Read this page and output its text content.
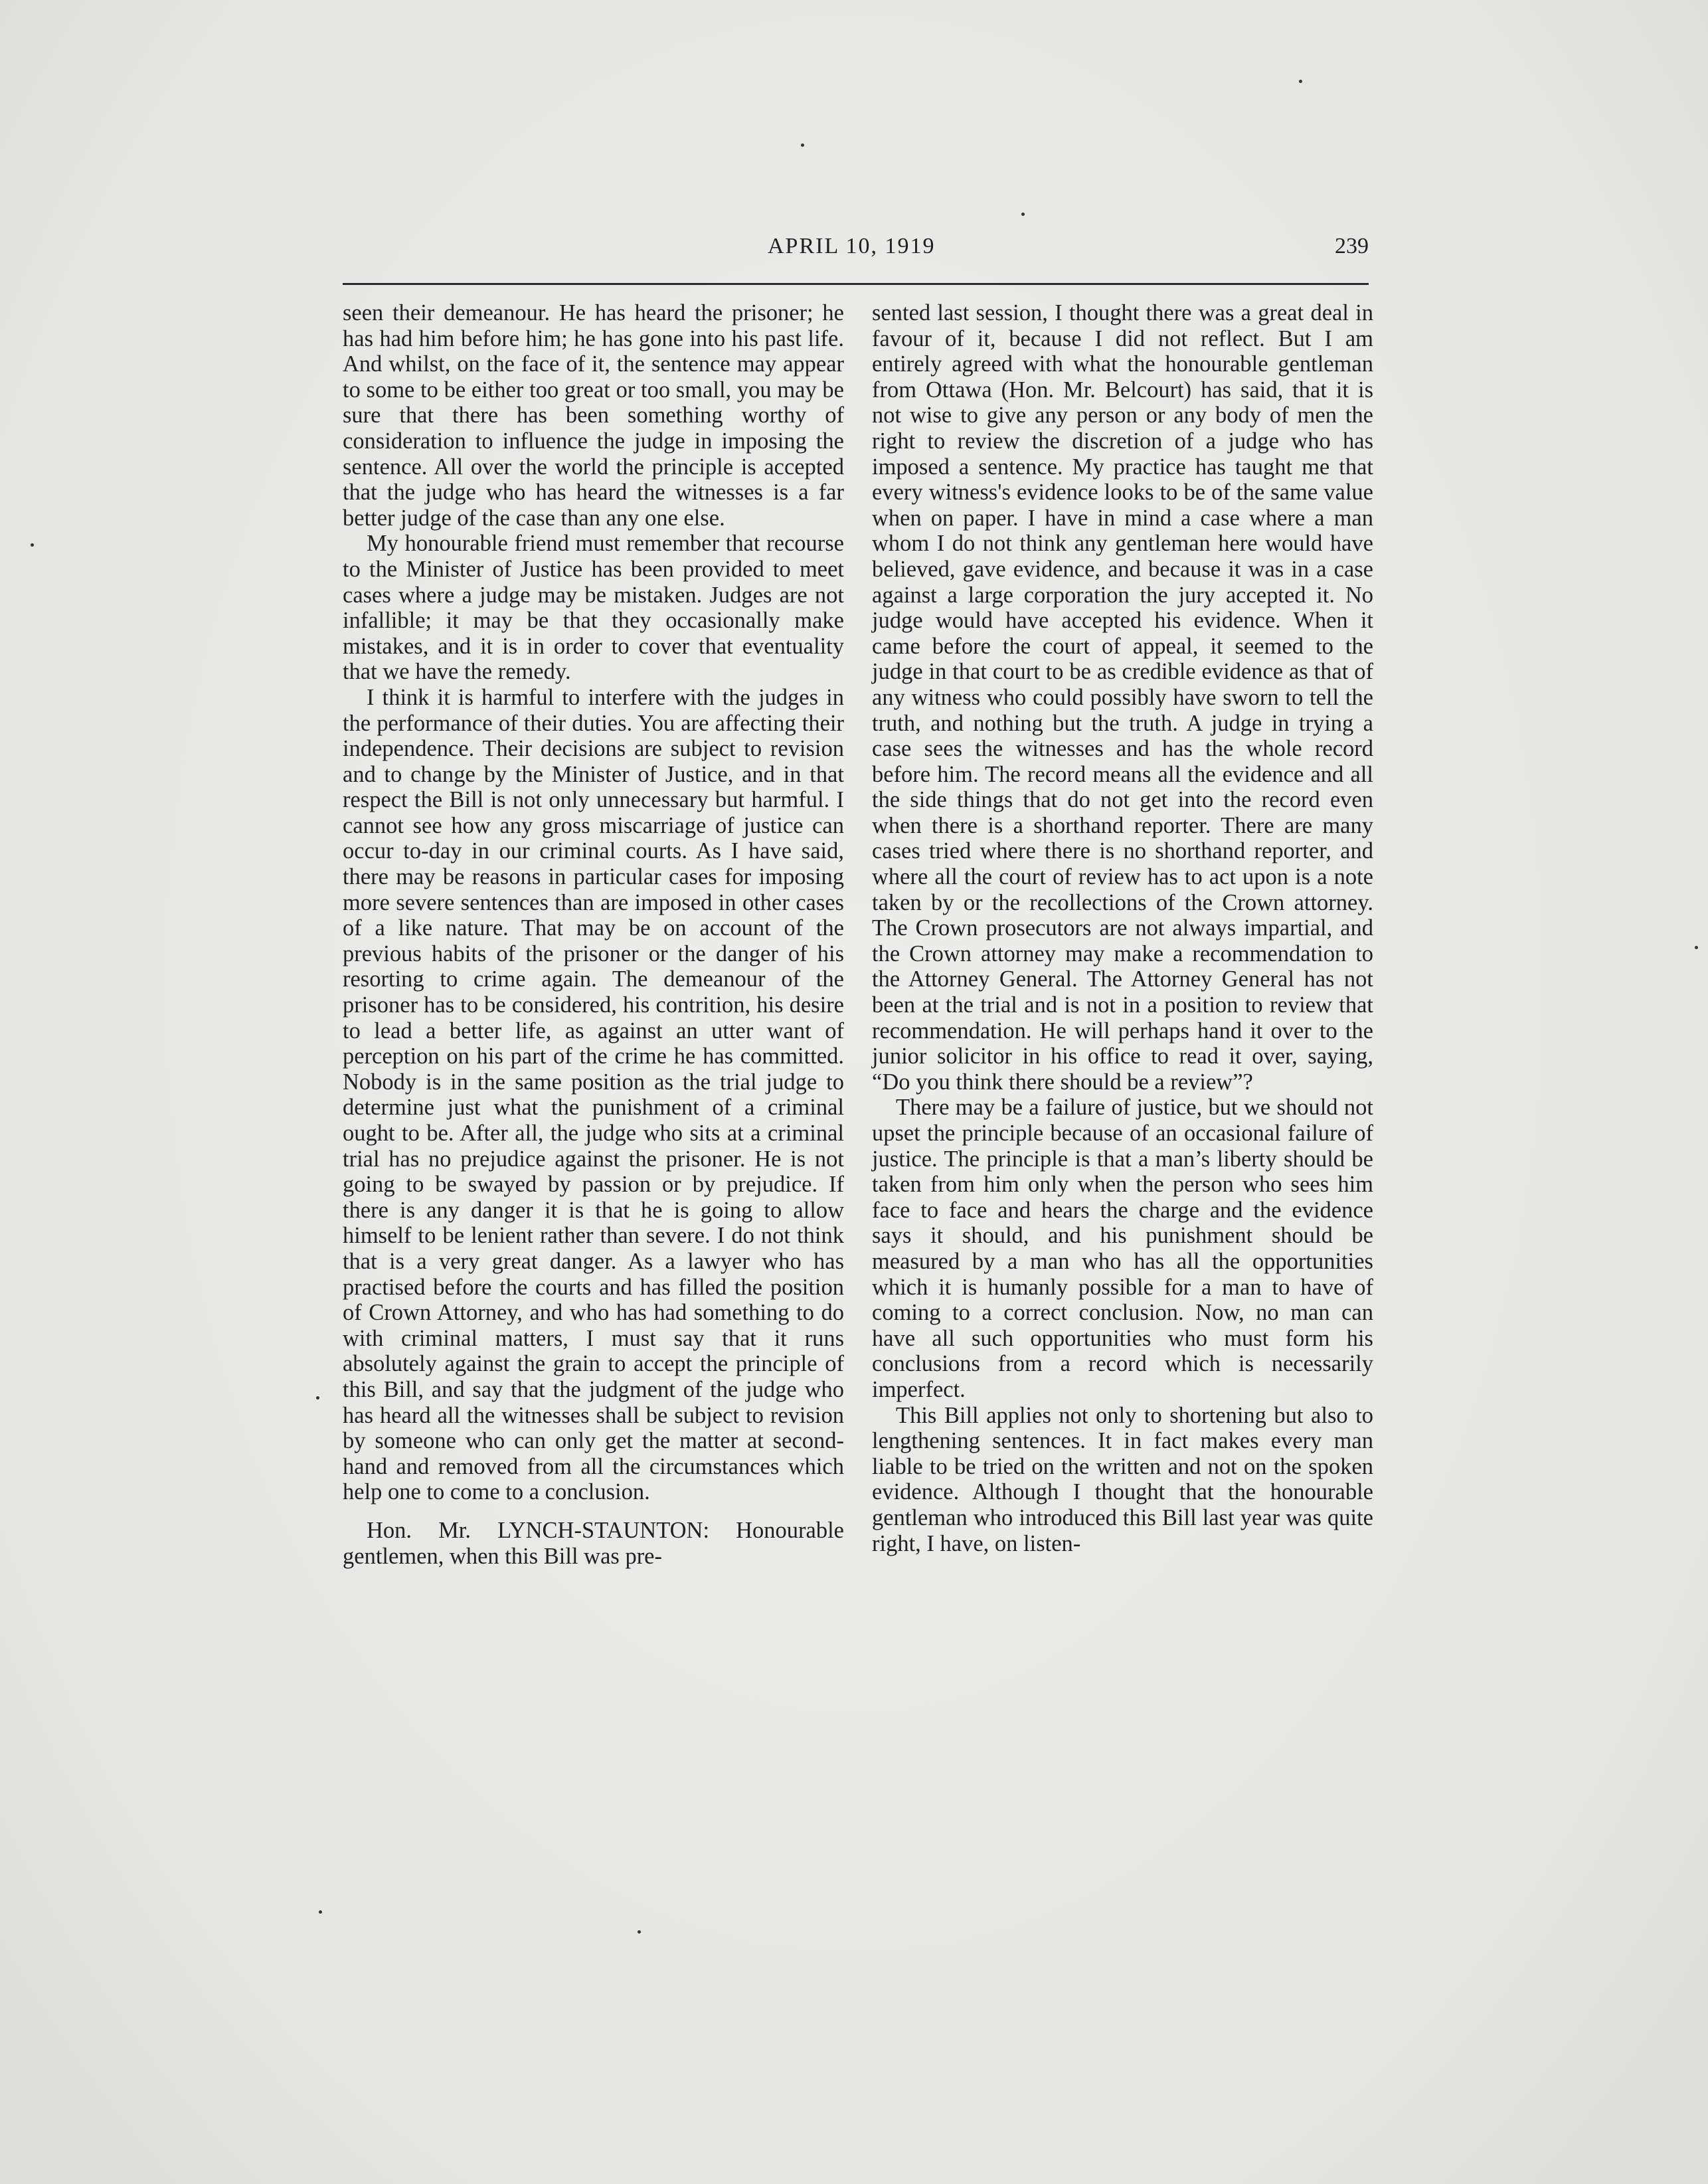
APRIL 10, 1919	239

seen their demeanour. He has heard the prisoner; he has had him before him; he has gone into his past life. And whilst, on the face of it, the sentence may appear to some to be either too great or too small, you may be sure that there has been something worthy of consideration to influence the judge in imposing the sentence. All over the world the principle is accepted that the judge who has heard the witnesses is a far better judge of the case than any one else.

My honourable friend must remember that recourse to the Minister of Justice has been provided to meet cases where a judge may be mistaken. Judges are not infallible; it may be that they occasionally make mistakes, and it is in order to cover that eventuality that we have the remedy.

I think it is harmful to interfere with the judges in the performance of their duties. You are affecting their independence. Their decisions are subject to revision and to change by the Minister of Justice, and in that respect the Bill is not only unnecessary but harmful. I cannot see how any gross miscarriage of justice can occur to-day in our criminal courts. As I have said, there may be reasons in particular cases for imposing more severe sentences than are imposed in other cases of a like nature. That may be on account of the previous habits of the prisoner or the danger of his resorting to crime again. The demeanour of the prisoner has to be considered, his contrition, his desire to lead a better life, as against an utter want of perception on his part of the crime he has committed. Nobody is in the same position as the trial judge to determine just what the punishment of a criminal ought to be. After all, the judge who sits at a criminal trial has no prejudice against the prisoner. He is not going to be swayed by passion or by prejudice. If there is any danger it is that he is going to allow himself to be lenient rather than severe. I do not think that is a very great danger. As a lawyer who has practised before the courts and has filled the position of Crown Attorney, and who has had something to do with criminal matters, I must say that it runs absolutely against the grain to accept the principle of this Bill, and say that the judgment of the judge who has heard all the witnesses shall be subject to revision by someone who can only get the matter at second-hand and removed from all the circumstances which help one to come to a conclusion.

Hon. Mr. LYNCH-STAUNTON: Honourable gentlemen, when this Bill was pre-

sented last session, I thought there was a great deal in favour of it, because I did not reflect. But I am entirely agreed with what the honourable gentleman from Ottawa (Hon. Mr. Belcourt) has said, that it is not wise to give any person or any body of men the right to review the discretion of a judge who has imposed a sentence. My practice has taught me that every witness's evidence looks to be of the same value when on paper. I have in mind a case where a man whom I do not think any gentleman here would have believed, gave evidence, and because it was in a case against a large corporation the jury accepted it. No judge would have accepted his evidence. When it came before the court of appeal, it seemed to the judge in that court to be as credible evidence as that of any witness who could possibly have sworn to tell the truth, and nothing but the truth. A judge in trying a case sees the witnesses and has the whole record before him. The record means all the evidence and all the side things that do not get into the record even when there is a shorthand reporter. There are many cases tried where there is no shorthand reporter, and where all the court of review has to act upon is a note taken by or the recollections of the Crown attorney. The Crown prosecutors are not always impartial, and the Crown attorney may make a recommendation to the Attorney General. The Attorney General has not been at the trial and is not in a position to review that recommendation. He will perhaps hand it over to the junior solicitor in his office to read it over, saying, “Do you think there should be a review”?

There may be a failure of justice, but we should not upset the principle because of an occasional failure of justice. The principle is that a man’s liberty should be taken from him only when the person who sees him face to face and hears the charge and the evidence says it should, and his punishment should be measured by a man who has all the opportunities which it is humanly possible for a man to have of coming to a correct conclusion. Now, no man can have all such opportunities who must form his conclusions from a record which is necessarily imperfect.

This Bill applies not only to shortening but also to lengthening sentences. It in fact makes every man liable to be tried on the written and not on the spoken evidence. Although I thought that the honourable gentleman who introduced this Bill last year was quite right, I have, on listen-
